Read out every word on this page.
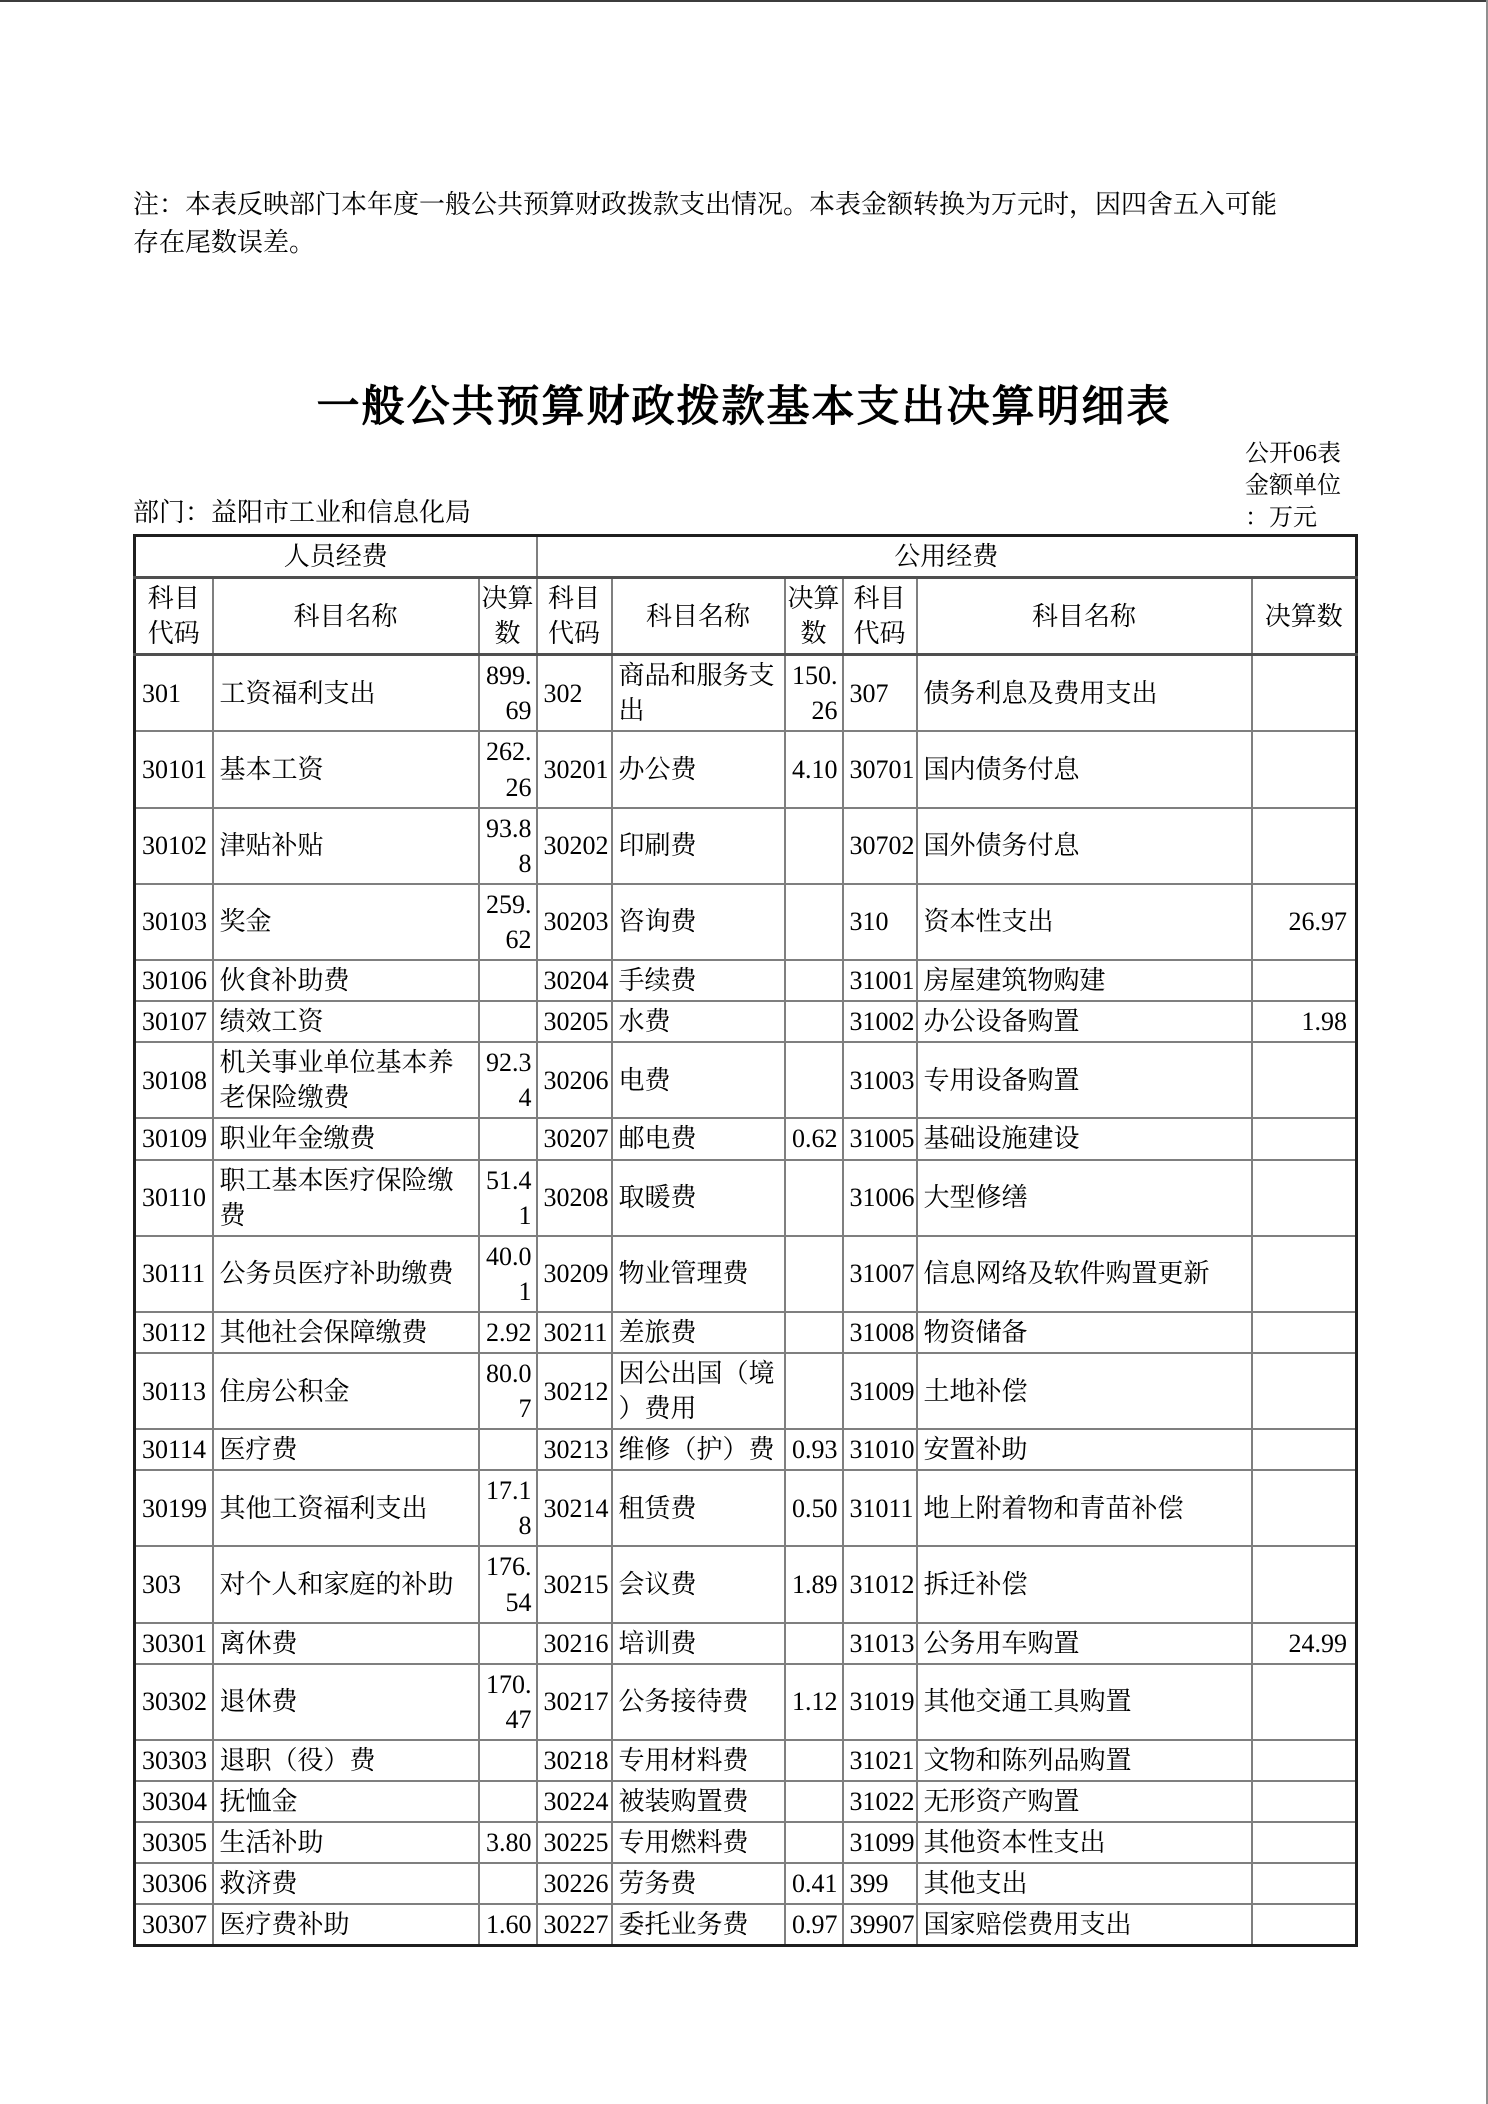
注：本表反映部门本年度一般公共预算财政拨款支出情况。本表金额转换为万元时，因四舍五入可能存在尾数误差。

一般公共预算财政拨款基本支出决算明细表
部门：益阳市工业和信息化局
公开06表
金额单位：万元
人员经费			公用经费					
科目代码	科目名称	决算数	科目代码	科目名称	决算数	科目代码	科目名称	决算数
301	工资福利支出	899.69	302	商品和服务支出	150.26	307	债务利息及费用支出	
30101	基本工资	262.26	30201	办公费	4.10	30701	国内债务付息	
30102	津贴补贴	93.88	30202	印刷费		30702	国外债务付息	
30103	奖金	259.62	30203	咨询费		310	资本性支出	26.97
30106	伙食补助费		30204	手续费		31001	房屋建筑物购建	
30107	绩效工资		30205	水费		31002	办公设备购置	1.98
30108	机关事业单位基本养老保险缴费	92.34	30206	电费		31003	专用设备购置	
30109	职业年金缴费		30207	邮电费	0.62	31005	基础设施建设	
30110	职工基本医疗保险缴费	51.41	30208	取暖费		31006	大型修缮	
30111	公务员医疗补助缴费	40.01	30209	物业管理费		31007	信息网络及软件购置更新	
30112	其他社会保障缴费	2.92	30211	差旅费		31008	物资储备	
30113	住房公积金	80.07	30212	因公出国（境）费用		31009	土地补偿	
30114	医疗费		30213	维修（护）费	0.93	31010	安置补助	
30199	其他工资福利支出	17.18	30214	租赁费	0.50	31011	地上附着物和青苗补偿	
303	对个人和家庭的补助	176.54	30215	会议费	1.89	31012	拆迁补偿	
30301	离休费		30216	培训费		31013	公务用车购置	24.99
30302	退休费	170.47	30217	公务接待费	1.12	31019	其他交通工具购置	
30303	退职（役）费		30218	专用材料费		31021	文物和陈列品购置	
30304	抚恤金		30224	被装购置费		31022	无形资产购置	
30305	生活补助	3.80	30225	专用燃料费		31099	其他资本性支出	
30306	救济费		30226	劳务费	0.41	399	其他支出	
30307	医疗费补助	1.60	30227	委托业务费	0.97	39907	国家赔偿费用支出	
